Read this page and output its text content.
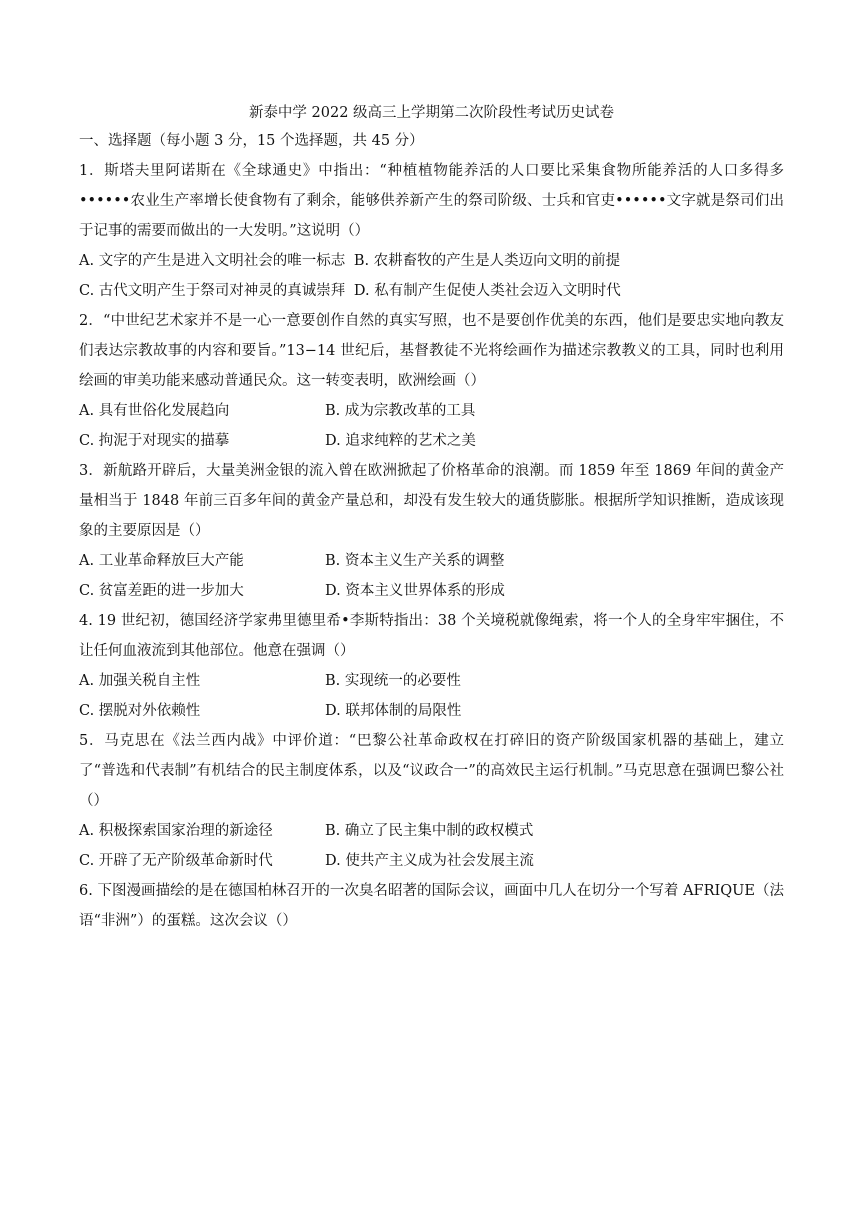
新泰中学 2022 级高三上学期第二次阶段性考试历史试卷

一、选择题（每小题 3 分，15 个选择题，共 45 分）

1．斯塔夫里阿诺斯在《全球通史》中指出：“种植植物能养活的人口要比采集食物所能养活的人口多得多••••••农业生产率增长使食物有了剩余，能够供养新产生的祭司阶级、士兵和官吏••••••文字就是祭司们出于记事的需要而做出的一大发明。”这说明（）

A. 文字的产生是进入文明社会的唯一标志 B. 农耕畜牧的产生是人类迈向文明的前提

C. 古代文明产生于祭司对神灵的真诚崇拜 D. 私有制产生促使人类社会迈入文明时代

2．“中世纪艺术家并不是一心一意要创作自然的真实写照，也不是要创作优美的东西，他们是要忠实地向教友们表达宗教故事的内容和要旨。”13−14 世纪后，基督教徒不光将绘画作为描述宗教教义的工具，同时也利用绘画的审美功能来感动普通民众。这一转变表明，欧洲绘画（）

A. 具有世俗化发展趋向	B. 成为宗教改革的工具
C. 拘泥于对现实的描摹	D. 追求纯粹的艺术之美

3．新航路开辟后，大量美洲金银的流入曾在欧洲掀起了价格革命的浪潮。而 1859 年至 1869 年间的黄金产量相当于 1848 年前三百多年间的黄金产量总和，却没有发生较大的通货膨胀。根据所学知识推断，造成该现象的主要原因是（）

A. 工业革命释放巨大产能	B. 资本主义生产关系的调整
C. 贫富差距的进一步加大	D. 资本主义世界体系的形成

4. 19 世纪初，德国经济学家弗里德里希•李斯特指出：38 个关境税就像绳索，将一个人的全身牢牢捆住，不让任何血液流到其他部位。他意在强调（）

A. 加强关税自主性	B. 实现统一的必要性
C. 摆脱对外依赖性	D. 联邦体制的局限性

5．马克思在《法兰西内战》中评价道：“巴黎公社革命政权在打碎旧的资产阶级国家机器的基础上，建立了“普选和代表制”有机结合的民主制度体系，以及“议政合一”的高效民主运行机制。”马克思意在强调巴黎公社（）

A. 积极探索国家治理的新途径	B. 确立了民主集中制的政权模式
C. 开辟了无产阶级革命新时代	D. 使共产主义成为社会发展主流

6. 下图漫画描绘的是在德国柏林召开的一次臭名昭著的国际会议，画面中几人在切分一个写着 AFRIQUE（法语“非洲”）的蛋糕。这次会议（）
